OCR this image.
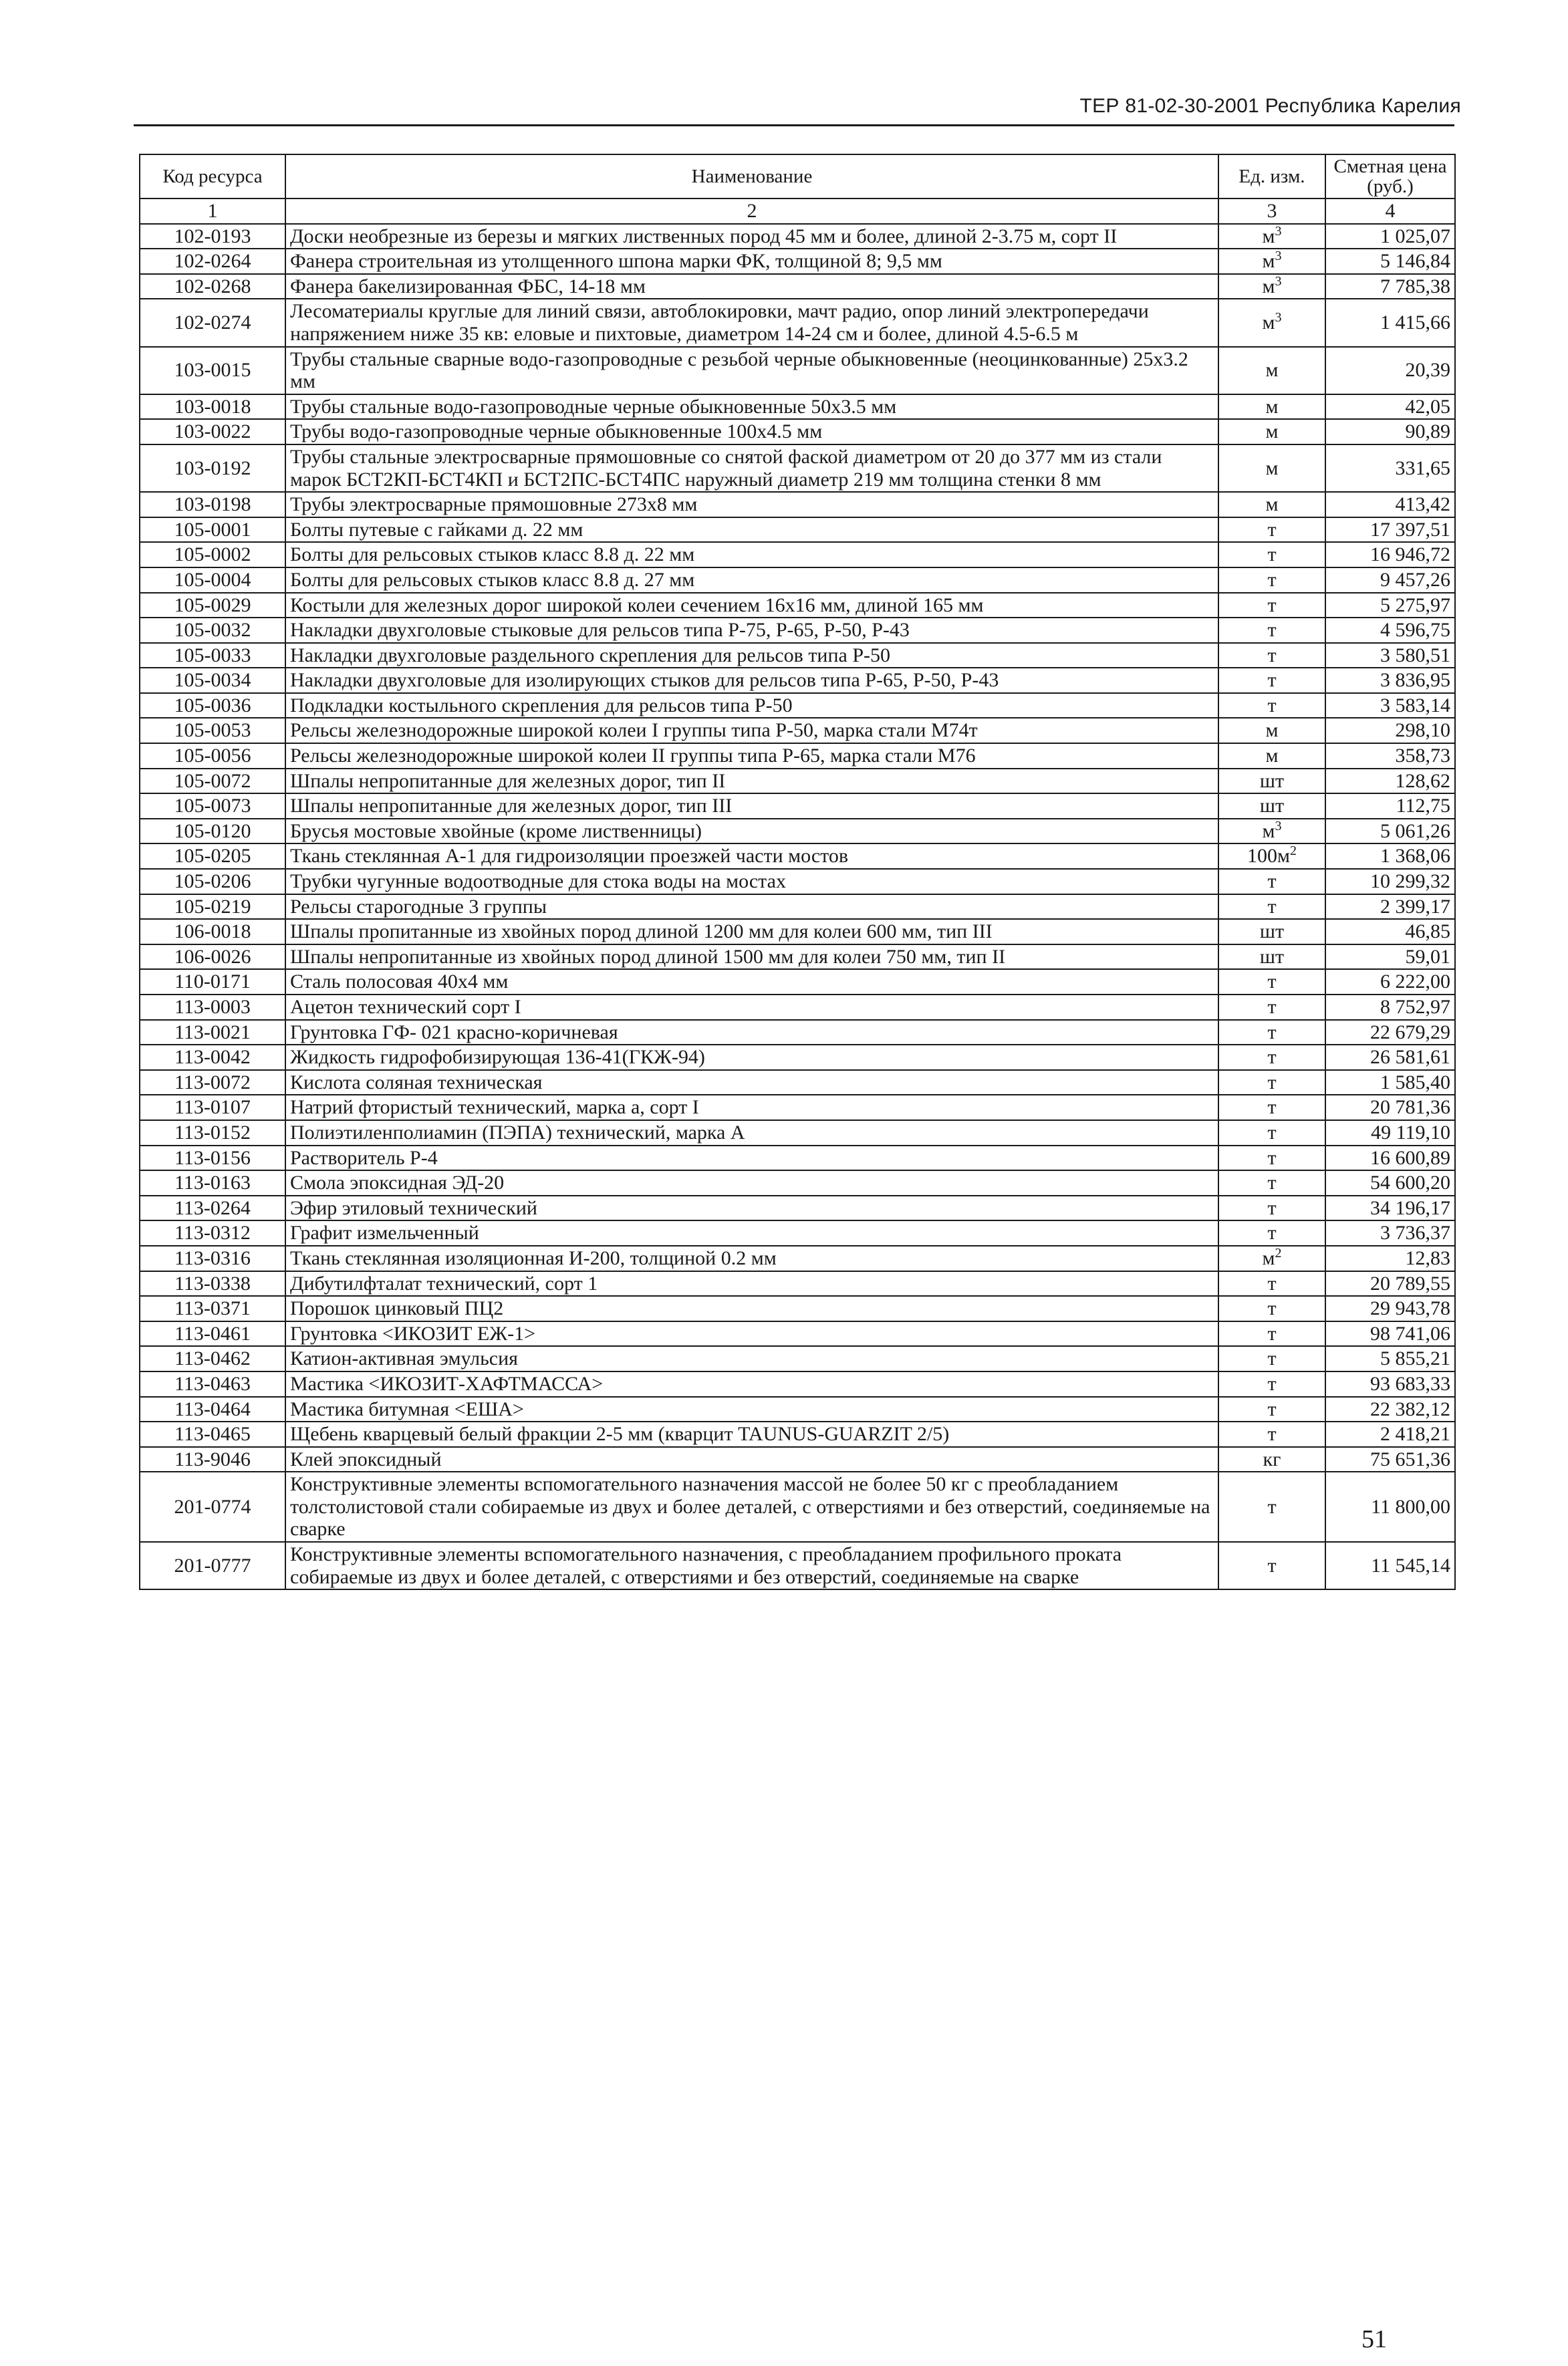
ТЕР 81-02-30-2001 Республика Карелия
Код ресурса	Наименование	Ед. изм.	Сметная цена (руб.)
1	2	3	4
102-0193	Доски необрезные из березы и мягких лиственных пород 45 мм и более, длиной 2-3.75 м, сорт II	$м^3$	1 025,07
102-0264	Фанера строительная из утолщенного шпона марки ФК, толщиной 8; 9,5 мм	$м^3$	5 146,84
102-0268	Фанера бакелизированная ФБС, 14-18 мм	$м^3$	7 785,38
102-0274	Лесоматериалы круглые для линий связи, автоблокировки, мачт радио, опор линий электропередачи напряжением ниже 35 кв: еловые и пихтовые, диаметром 14-24 см и более, длиной 4.5-6.5 м	$м^3$	1 415,66
103-0015	Трубы стальные сварные водо-газопроводные с резьбой черные обыкновенные (неоцинкованные) 25х3.2 мм	м	20,39
103-0018	Трубы стальные водо-газопроводные черные обыкновенные 50х3.5 мм	м	42,05
103-0022	Трубы водо-газопроводные черные обыкновенные 100х4.5 мм	м	90,89
103-0192	Трубы стальные электросварные прямошовные со снятой фаской диаметром от 20 до 377 мм из стали марок БСТ2КП-БСТ4КП и БСТ2ПС-БСТ4ПС наружный диаметр 219 мм толщина стенки 8 мм	м	331,65
103-0198	Трубы электросварные прямошовные 273х8 мм	м	413,42
105-0001	Болты путевые с гайками д. 22 мм	т	17 397,51
105-0002	Болты для рельсовых стыков класс 8.8 д. 22 мм	т	16 946,72
105-0004	Болты для рельсовых стыков класс 8.8 д. 27 мм	т	9 457,26
105-0029	Костыли для железных дорог широкой колеи сечением 16х16 мм, длиной 165 мм	т	5 275,97
105-0032	Накладки двухголовые стыковые для рельсов типа Р-75, Р-65, Р-50, Р-43	т	4 596,75
105-0033	Накладки двухголовые раздельного скрепления для рельсов типа Р-50	т	3 580,51
105-0034	Накладки двухголовые для изолирующих стыков для рельсов типа Р-65, Р-50, Р-43	т	3 836,95
105-0036	Подкладки костыльного скрепления для рельсов типа Р-50	т	3 583,14
105-0053	Рельсы железнодорожные широкой колеи I группы типа Р-50, марка стали М74т	м	298,10
105-0056	Рельсы железнодорожные широкой колеи II группы типа Р-65, марка стали М76	м	358,73
105-0072	Шпалы непропитанные для железных дорог, тип II	шт	128,62
105-0073	Шпалы непропитанные для железных дорог, тип III	шт	112,75
105-0120	Брусья мостовые хвойные (кроме лиственницы)	$м^3$	5 061,26
105-0205	Ткань стеклянная А-1 для гидроизоляции проезжей части мостов	$100м^2$	1 368,06
105-0206	Трубки чугунные водоотводные для стока воды на мостах	т	10 299,32
105-0219	Рельсы старогодные 3 группы	т	2 399,17
106-0018	Шпалы пропитанные из хвойных пород длиной 1200 мм для колеи 600 мм, тип III	шт	46,85
106-0026	Шпалы непропитанные из хвойных пород длиной 1500 мм для колеи 750 мм, тип II	шт	59,01
110-0171	Сталь полосовая 40х4 мм	т	6 222,00
113-0003	Ацетон технический сорт I	т	8 752,97
113-0021	Грунтовка ГФ- 021 красно-коричневая	т	22 679,29
113-0042	Жидкость гидрофобизирующая 136-41(ГКЖ-94)	т	26 581,61
113-0072	Кислота соляная техническая	т	1 585,40
113-0107	Натрий фтористый технический, марка а, сорт I	т	20 781,36
113-0152	Полиэтиленполиамин (ПЭПА) технический, марка А	т	49 119,10
113-0156	Растворитель Р-4	т	16 600,89
113-0163	Смола эпоксидная ЭД-20	т	54 600,20
113-0264	Эфир этиловый технический	т	34 196,17
113-0312	Графит измельченный	т	3 736,37
113-0316	Ткань стеклянная изоляционная И-200, толщиной 0.2 мм	$м^2$	12,83
113-0338	Дибутилфталат технический, сорт 1	т	20 789,55
113-0371	Порошок цинковый ПЦ2	т	29 943,78
113-0461	Грунтовка <ИКОЗИТ ЕЖ-1>	т	98 741,06
113-0462	Катион-активная эмульсия	т	5 855,21
113-0463	Мастика <ИКОЗИТ-ХАФТМАССА>	т	93 683,33
113-0464	Мастика битумная <ЕША>	т	22 382,12
113-0465	Щебень кварцевый белый фракции 2-5 мм (кварцит TAUNUS-GUARZIT 2/5)	т	2 418,21
113-9046	Клей эпоксидный	кг	75 651,36
201-0774	Конструктивные элементы вспомогательного назначения массой не более 50 кг с преобладанием толстолистовой стали собираемые из двух и более деталей, с отверстиями и без отверстий, соединяемые на сварке	т	11 800,00
201-0777	Конструктивные элементы вспомогательного назначения, с преобладанием профильного проката собираемые из двух и более деталей, с отверстиями и без отверстий, соединяемые на сварке	т	11 545,14
51
